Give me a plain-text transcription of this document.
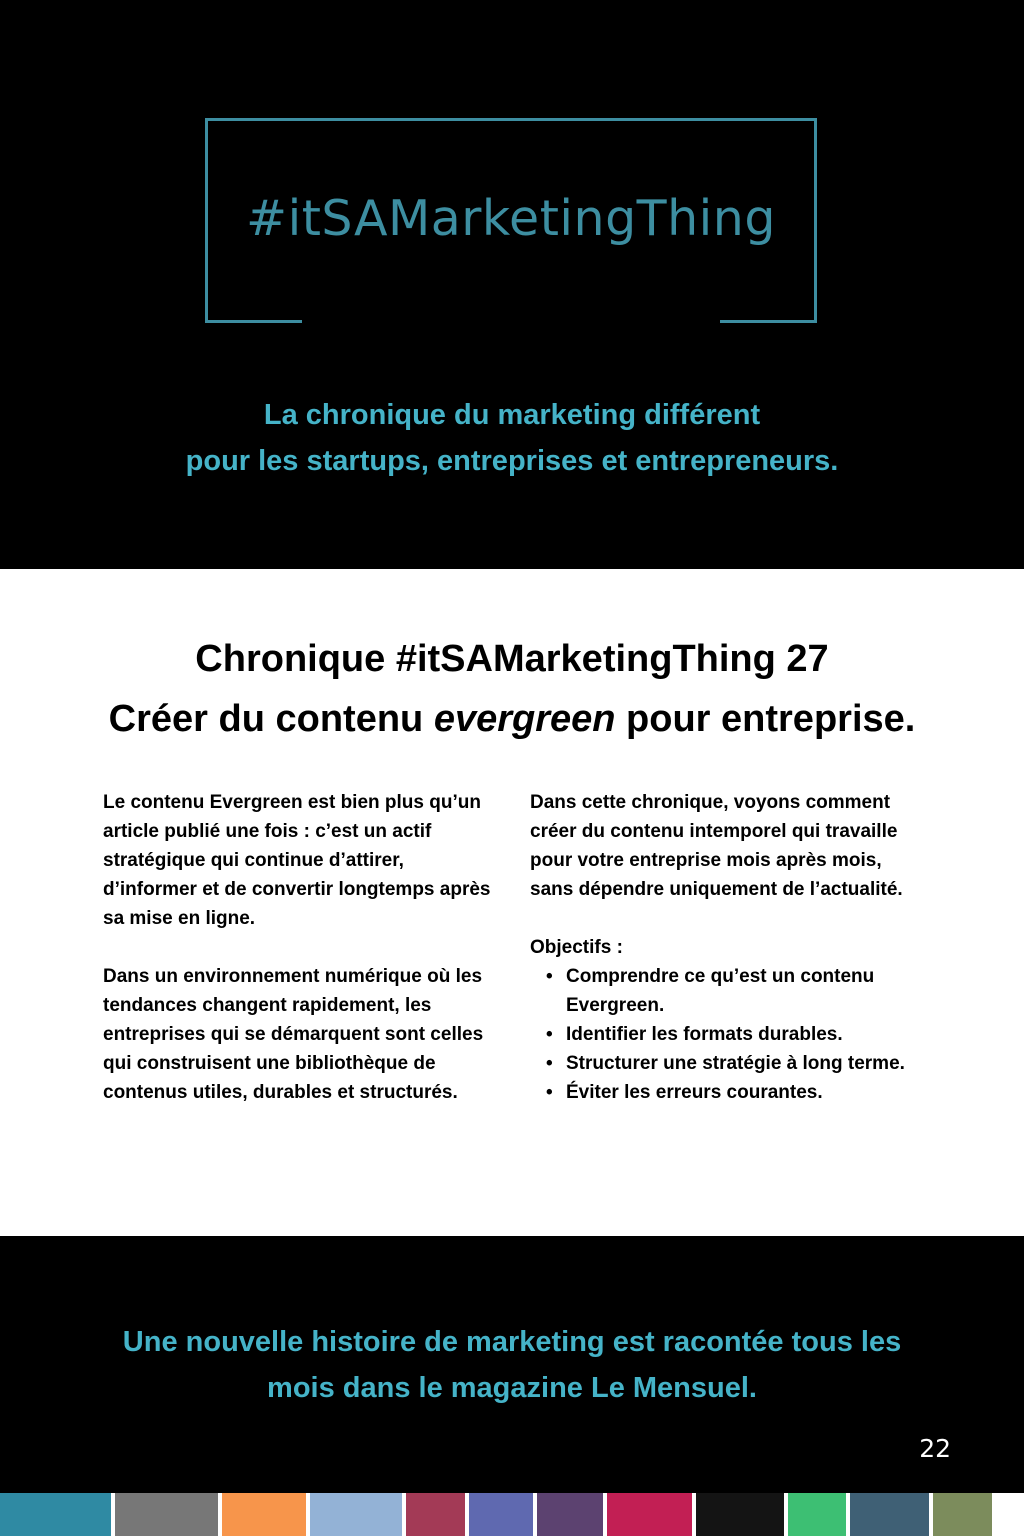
#itSAMarketingThing
La chronique du marketing différent
pour les startups, entreprises et entrepreneurs.
Chronique #itSAMarketingThing 27
Créer du contenu evergreen pour entreprise.

Le contenu Evergreen est bien plus qu’un article publié une fois : c’est un actif stratégique qui continue d’attirer, d’informer et de convertir longtemps après sa mise en ligne.

Dans un environnement numérique où les tendances changent rapidement, les entreprises qui se démarquent sont celles qui construisent une bibliothèque de contenus utiles, durables et structurés.

Dans cette chronique, voyons comment créer du contenu intemporel qui travaille pour votre entreprise mois après mois, sans dépendre uniquement de l’actualité.

Objectifs :

• Comprendre ce qu’est un contenu Evergreen.
• Identifier les formats durables.
• Structurer une stratégie à long terme.
• Éviter les erreurs courantes.
Une nouvelle histoire de marketing est racontée tous les
mois dans le magazine Le Mensuel.
22
